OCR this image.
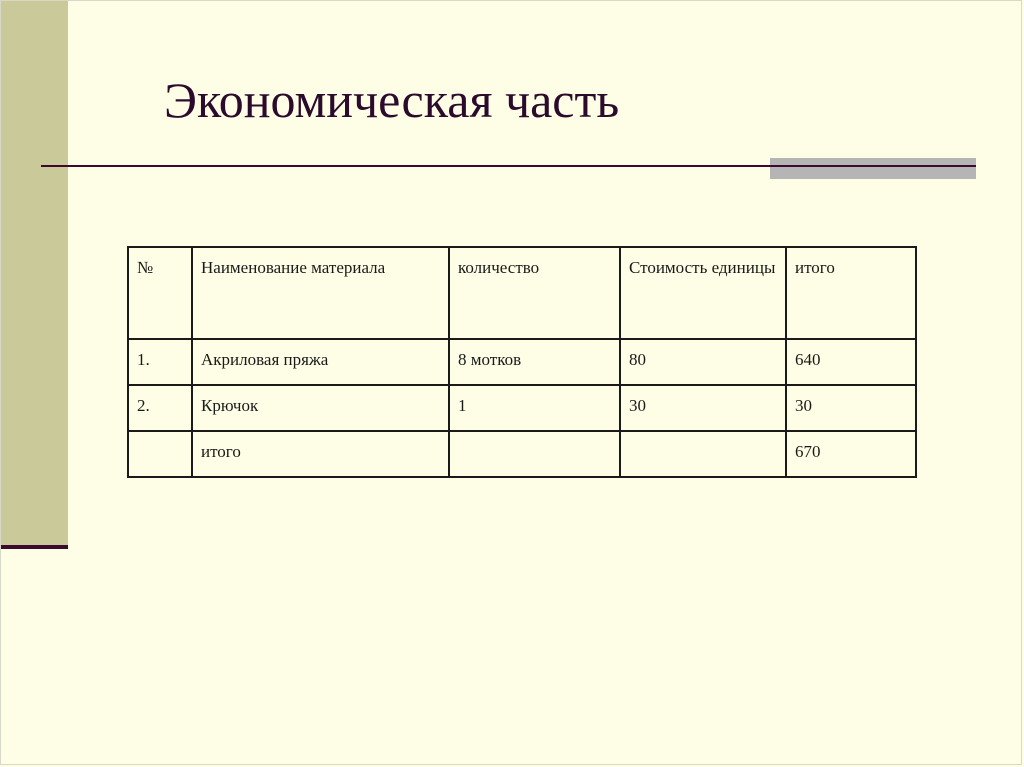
Экономическая часть
№	Наименование материала	количество	Стоимость единицы	итого
1.	Акриловая пряжа	8 мотков	80	640
2.	Крючок	1	30	30
	итого			670
